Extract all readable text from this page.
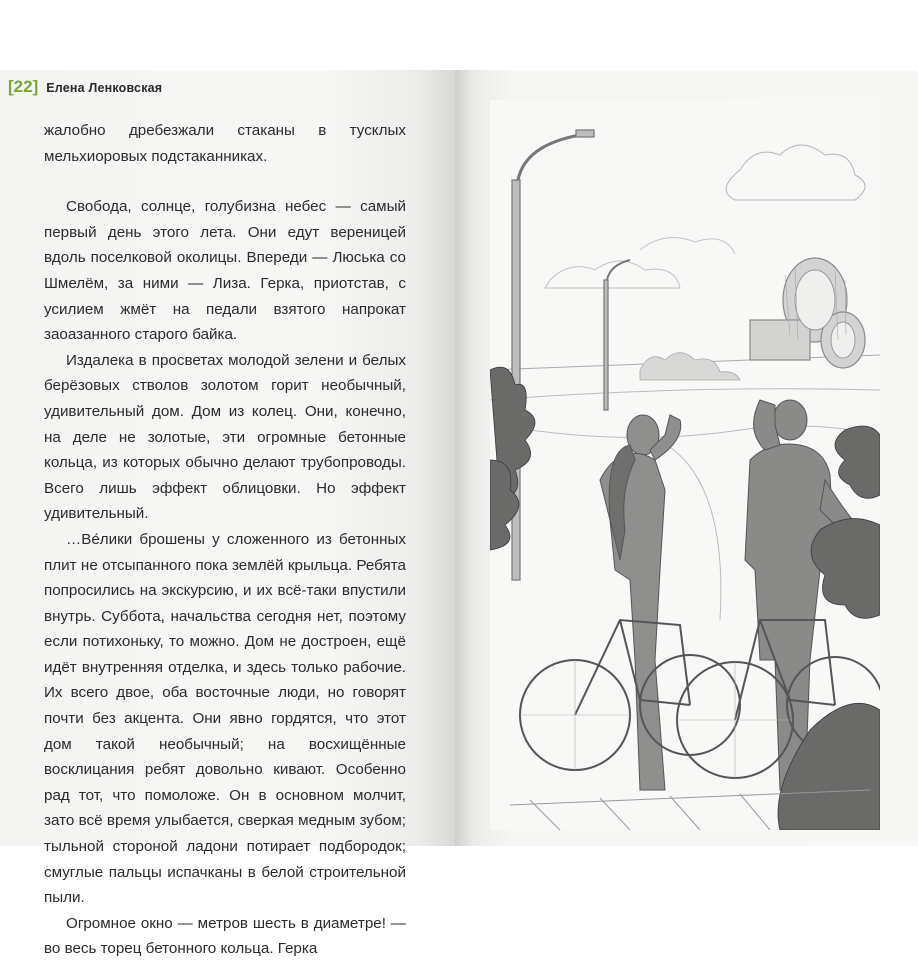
[22] Елена Ленковская

жалобно дребезжали стаканы в тусклых мельхиоровых подстаканниках.

Свобода, солнце, голубизна небес — самый первый день этого лета. Они едут вереницей вдоль поселковой околицы. Впереди — Люська со Шмелём, за ними — Лиза. Герка, приотстав, с усилием жмёт на педали взятого напрокат заоазанного старого байка.

Издалека в просветах молодой зелени и белых берёзовых стволов золотом горит необычный, удивительный дом. Дом из колец. Они, конечно, на деле не золотые, эти огромные бетонные кольца, из которых обычно делают трубопроводы. Всего лишь эффект облицовки. Но эффект удивительный.

…Ве́лики брошены у сложенного из бетонных плит не отсыпанного пока землёй крыльца. Ребята попросились на экскурсию, и их всё-таки впустили внутрь. Суббота, начальства сегодня нет, поэтому если потихоньку, то можно. Дом не достроен, ещё идёт внутренняя отделка, и здесь только рабочие. Их всего двое, оба восточные люди, но говорят почти без акцента. Они явно гордятся, что этот дом такой необычный; на восхищённые восклицания ребят довольно кивают. Особенно рад тот, что помоложе. Он в основном молчит, зато всё время улыбается, сверкая медным зубом; тыльной стороной ладони потирает подбородок; смуглые пальцы испачканы в белой строительной пыли.

Огромное окно — метров шесть в диаметре! — во весь торец бетонного кольца. Герка
